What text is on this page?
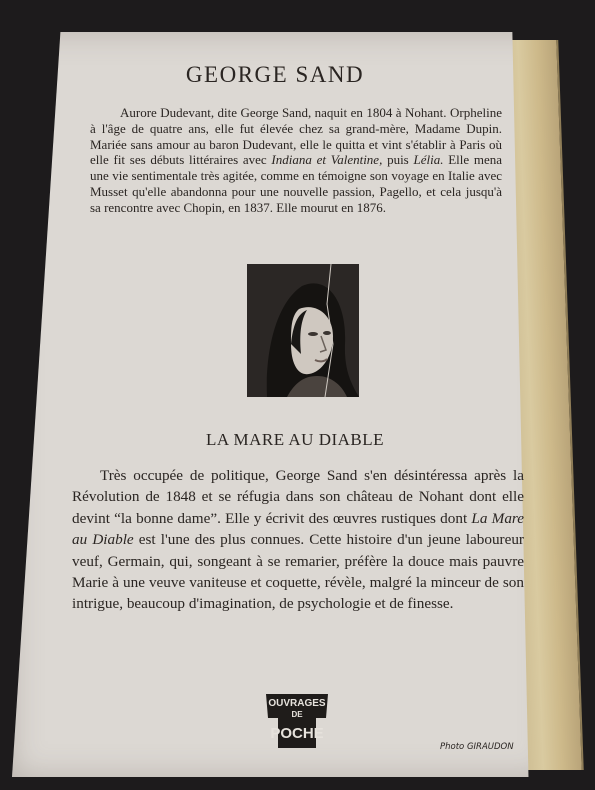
GEORGE SAND

Aurore Dudevant, dite George Sand, naquit en 1804 à Nohant. Orpheline à l'âge de quatre ans, elle fut élevée chez sa grand-mère, Madame Dupin. Mariée sans amour au baron Dudevant, elle le quitta et vint s'établir à Paris où elle fit ses débuts littéraires avec Indiana et Valentine, puis Lélia. Elle mena une vie sentimentale très agitée, comme en témoigne son voyage en Italie avec Musset qu'elle abandonna pour une nouvelle passion, Pagello, et cela jusqu'à sa rencontre avec Chopin, en 1837. Elle mourut en 1876.

LA MARE AU DIABLE

Très occupée de politique, George Sand s'en désintéressa après la Révolution de 1848 et se réfugia dans son château de Nohant dont elle devint “la bonne dame”. Elle y écrivit des œuvres rustiques dont La Mare au Diable est l'une des plus connues. Cette histoire d'un jeune laboureur veuf, Germain, qui, songeant à se remarier, préfère la douce mais pauvre Marie à une veuve vaniteuse et coquette, révèle, malgré la minceur de son intrigue, beaucoup d'imagination, de psychologie et de finesse.

OUVRAGES
DE
POCHE
Photo GIRAUDON
